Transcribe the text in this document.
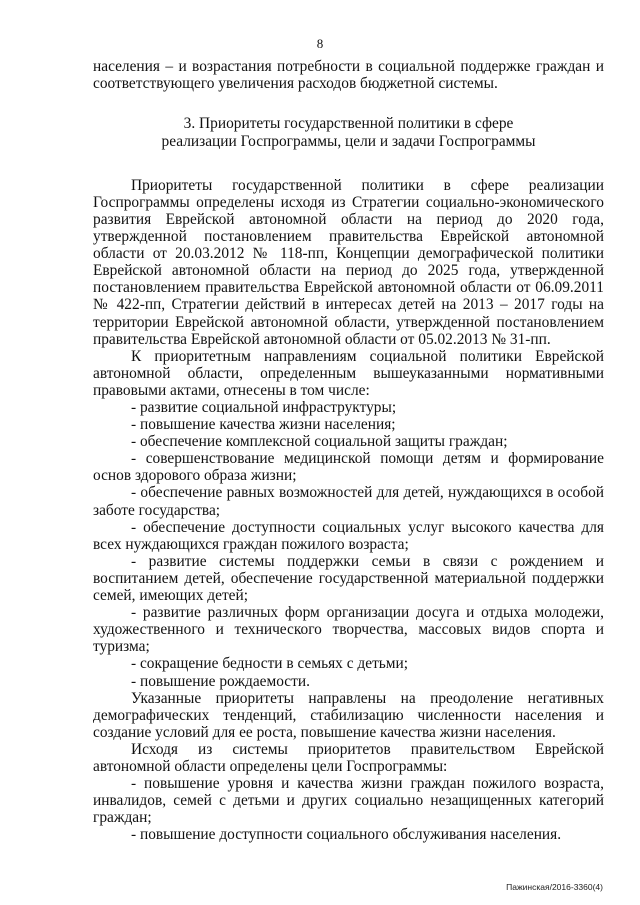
8

населения – и возрастания потребности в социальной поддержке граждан и соответствующего увеличения расходов бюджетной системы.

3. Приоритеты государственной политики в сфере
реализации Госпрограммы, цели и задачи Госпрограммы

Приоритеты государственной политики в сфере реализации Госпрограммы определены исходя из Стратегии социально-экономического развития Еврейской автономной области на период до 2020 года, утвержденной постановлением правительства Еврейской автономной области от 20.03.2012 № 118-пп, Концепции демографической политики Еврейской автономной области на период до 2025 года, утвержденной постановлением правительства Еврейской автономной области от 06.09.2011 № 422-пп, Стратегии действий в интересах детей на 2013 – 2017 годы на территории Еврейской автономной области, утвержденной постановлением правительства Еврейской автономной области от 05.02.2013 № 31-пп.

К приоритетным направлениям социальной политики Еврейской автономной области, определенным вышеуказанными нормативными правовыми актами, отнесены в том числе:

- развитие социальной инфраструктуры;

- повышение качества жизни населения;

- обеспечение комплексной социальной защиты граждан;

- совершенствование медицинской помощи детям и формирование основ здорового образа жизни;

- обеспечение равных возможностей для детей, нуждающихся в особой заботе государства;

- обеспечение доступности социальных услуг высокого качества для всех нуждающихся граждан пожилого возраста;

- развитие системы поддержки семьи в связи с рождением и воспитанием детей, обеспечение государственной материальной поддержки семей, имеющих детей;

- развитие различных форм организации досуга и отдыха молодежи, художественного и технического творчества, массовых видов спорта и туризма;

- сокращение бедности в семьях с детьми;

- повышение рождаемости.

Указанные приоритеты направлены на преодоление негативных демографических тенденций, стабилизацию численности населения и создание условий для ее роста, повышение качества жизни населения.

Исходя из системы приоритетов правительством Еврейской автономной области определены цели Госпрограммы:

- повышение уровня и качества жизни граждан пожилого возраста, инвалидов, семей с детьми и других социально незащищенных категорий граждан;

- повышение доступности социального обслуживания населения.

Пажинская/2016-3360(4)
